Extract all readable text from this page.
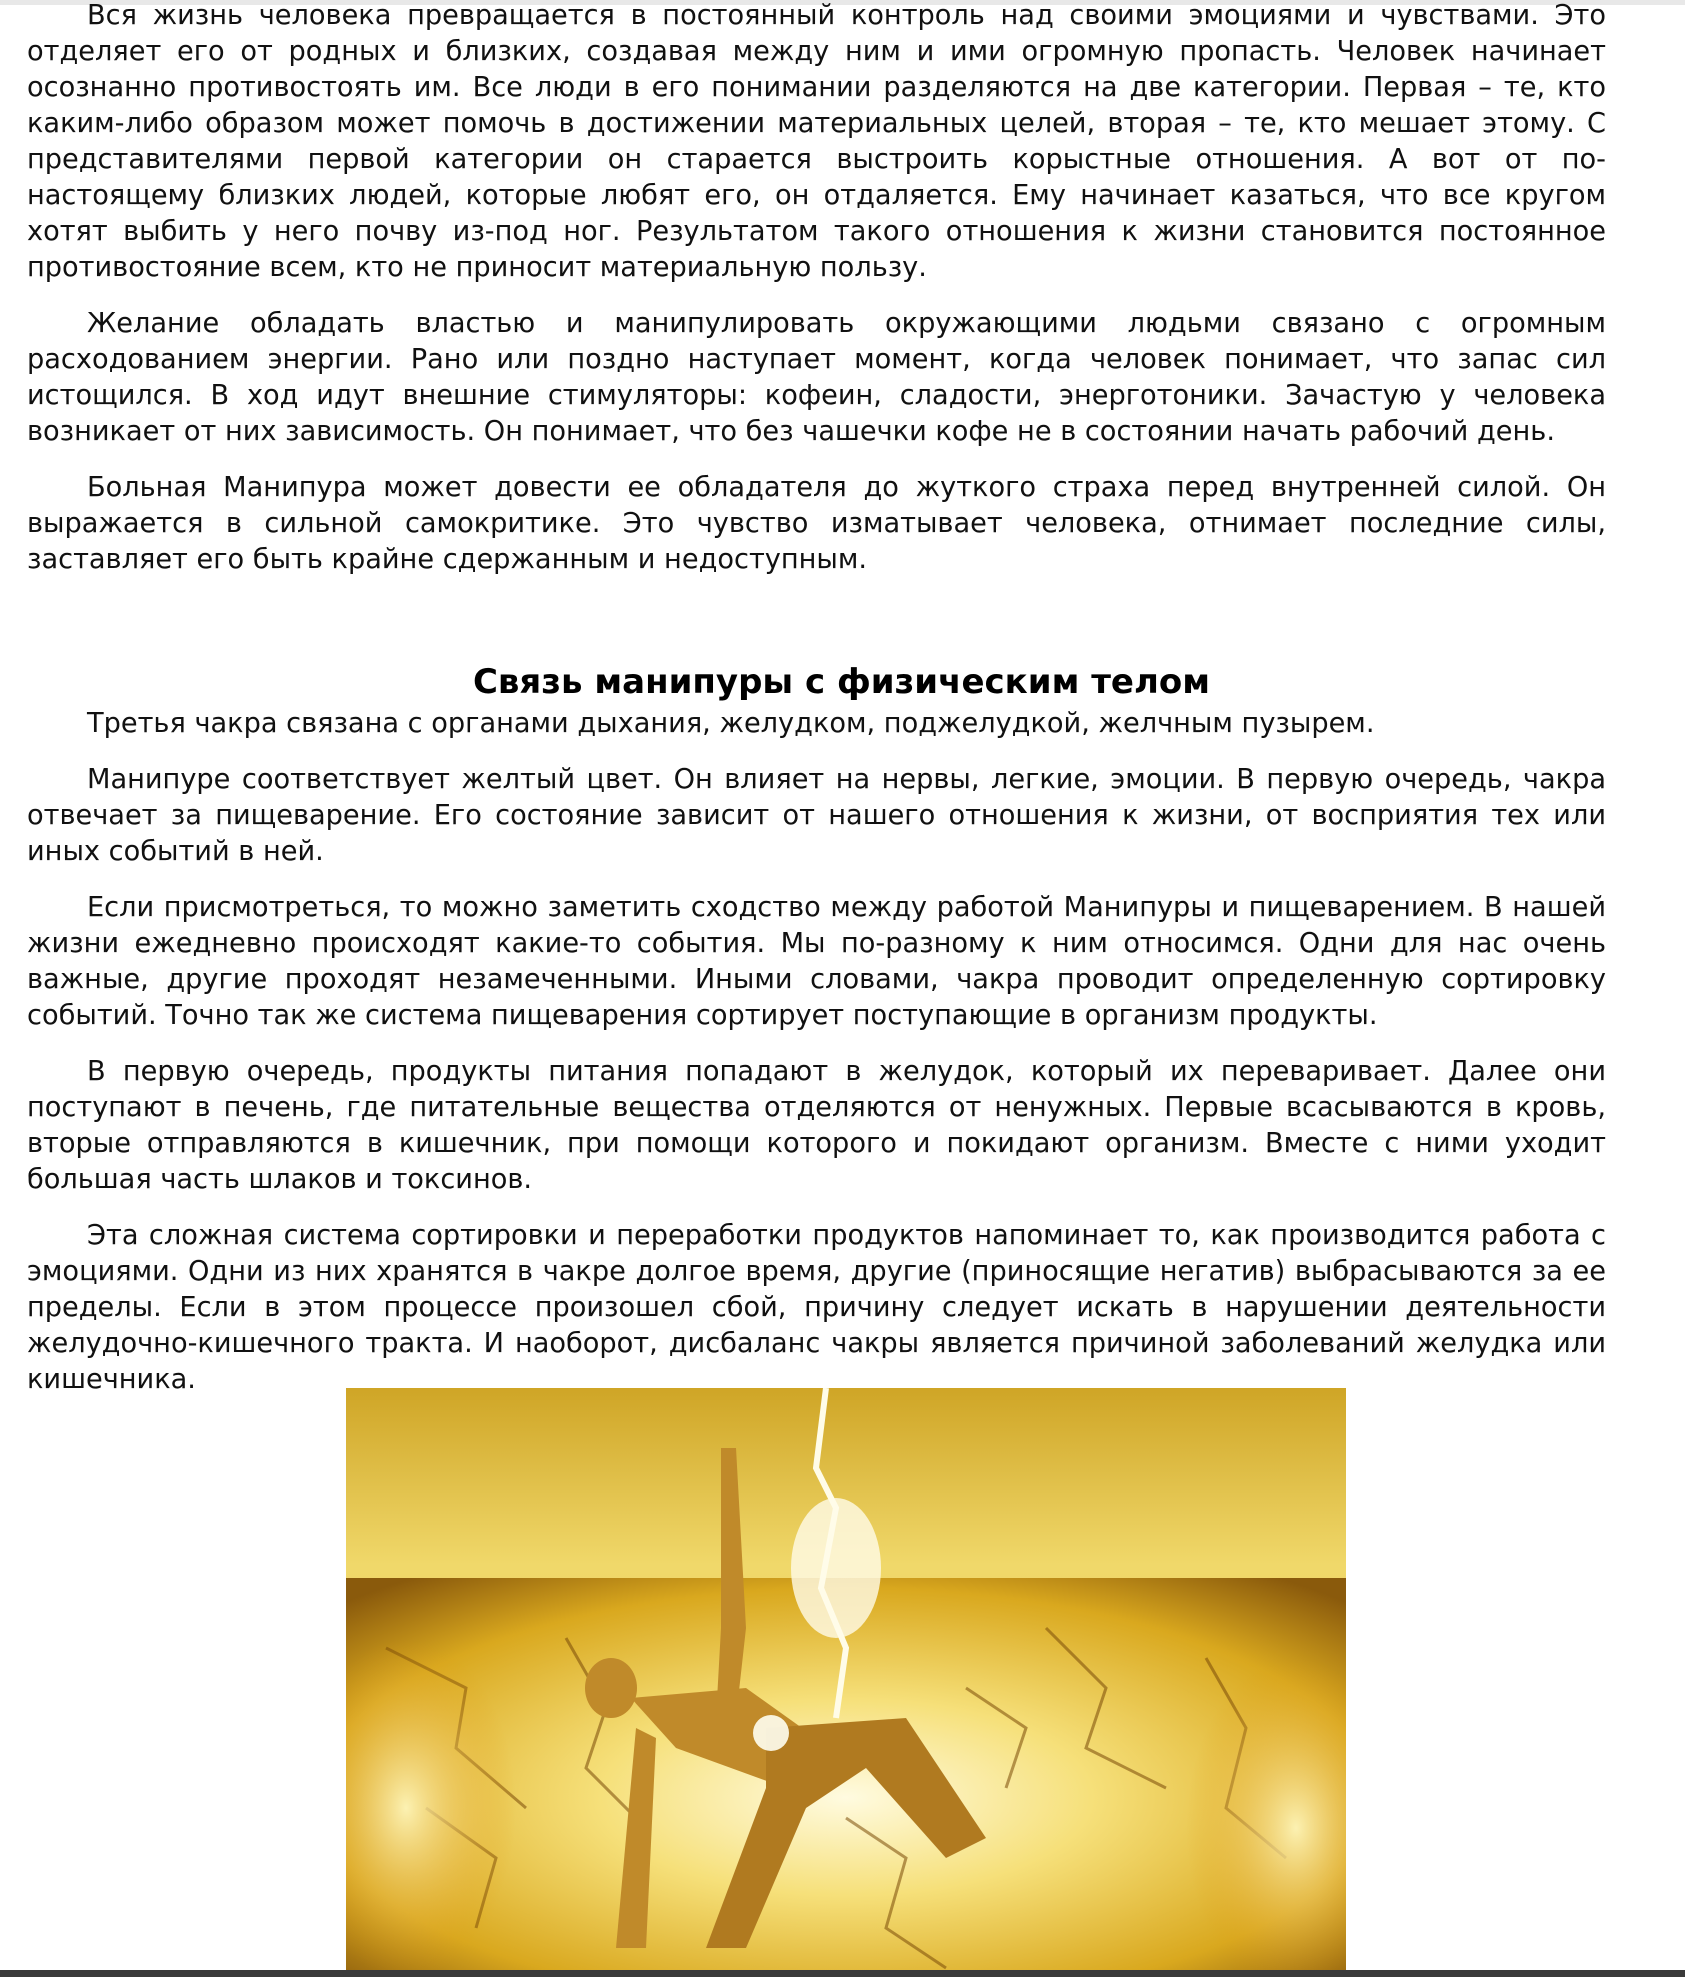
Вся жизнь человека превращается в постоянный контроль над своими эмоциями и чувствами. Это отделяет его от родных и близких, создавая между ним и ими огромную пропасть. Человек начинает осознанно противостоять им. Все люди в его понимании разделяются на две категории. Первая – те, кто каким-либо образом может помочь в достижении материальных целей, вторая – те, кто мешает этому. С представителями первой категории он старается выстроить корыстные отношения. А вот от по-настоящему близких людей, которые любят его, он отдаляется. Ему начинает казаться, что все кругом хотят выбить у него почву из-под ног. Результатом такого отношения к жизни становится постоянное противостояние всем, кто не приносит материальную пользу.

Желание обладать властью и манипулировать окружающими людьми связано с огромным расходованием энергии. Рано или поздно наступает момент, когда человек понимает, что запас сил истощился. В ход идут внешние стимуляторы: кофеин, сладости, энерготоники. Зачастую у человека возникает от них зависимость. Он понимает, что без чашечки кофе не в состоянии начать рабочий день.

Больная Манипура может довести ее обладателя до жуткого страха перед внутренней силой. Он выражается в сильной самокритике. Это чувство изматывает человека, отнимает последние силы, заставляет его быть крайне сдержанным и недоступным.

Связь манипуры с физическим телом

Третья чакра связана с органами дыхания, желудком, поджелудкой, желчным пузырем.

Манипуре соответствует желтый цвет. Он влияет на нервы, легкие, эмоции. В первую очередь, чакра отвечает за пищеварение. Его состояние зависит от нашего отношения к жизни, от восприятия тех или иных событий в ней.

Если присмотреться, то можно заметить сходство между работой Манипуры и пищеварением. В нашей жизни ежедневно происходят какие-то события. Мы по-разному к ним относимся. Одни для нас очень важные, другие проходят незамеченными. Иными словами, чакра проводит определенную сортировку событий. Точно так же система пищеварения сортирует поступающие в организм продукты.

В первую очередь, продукты питания попадают в желудок, который их переваривает. Далее они поступают в печень, где питательные вещества отделяются от ненужных. Первые всасываются в кровь, вторые отправляются в кишечник, при помощи которого и покидают организм. Вместе с ними уходит большая часть шлаков и токсинов.

Эта сложная система сортировки и переработки продуктов напоминает то, как производится работа с эмоциями. Одни из них хранятся в чакре долгое время, другие (приносящие негатив) выбрасываются за ее пределы. Если в этом процессе произошел сбой, причину следует искать в нарушении деятельности желудочно-кишечного тракта. И наоборот, дисбаланс чакры является причиной заболеваний желудка или кишечника.
